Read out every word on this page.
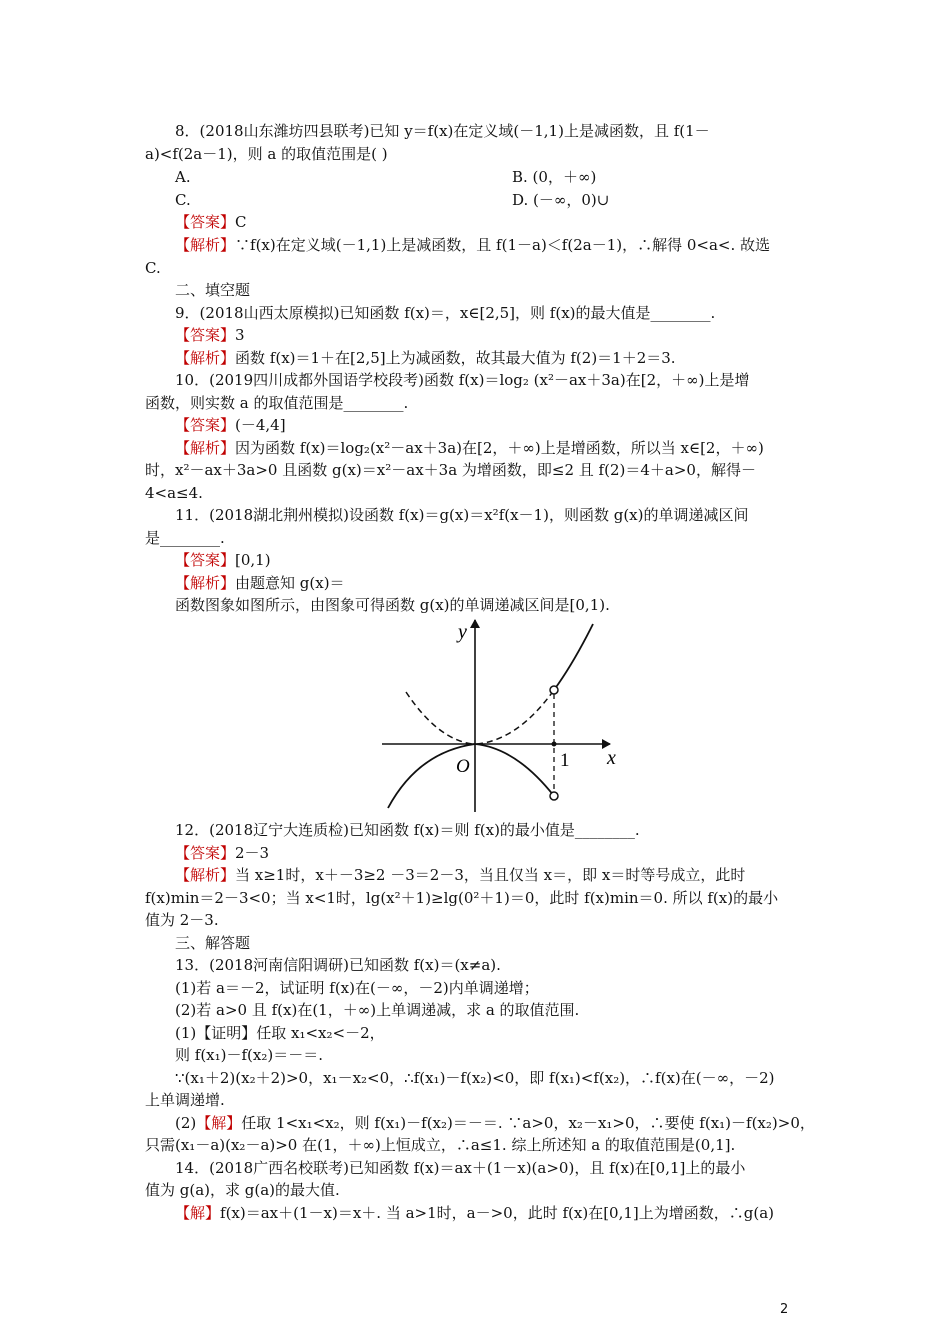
8．(2018山东潍坊四县联考)已知 y＝f(x)在定义域(－1,1)上是减函数，且 f(1－
a)<f(2a－1)，则 a 的取值范围是( )
A.	B. (0，＋∞)
C.	D. (－∞，0)∪
【答案】C
【解析】∵f(x)在定义域(－1,1)上是减函数，且 f(1－a)＜f(2a－1)，∴解得 0<a<. 故选
C.
二、填空题
9．(2018山西太原模拟)已知函数 f(x)＝，x∈[2,5]，则 f(x)的最大值是________.
【答案】3
【解析】函数 f(x)＝1＋在[2,5]上为减函数，故其最大值为 f(2)＝1＋2＝3.
10．(2019四川成都外国语学校段考)函数 f(x)＝log₂ (x²－ax＋3a)在[2，＋∞)上是增
函数，则实数 a 的取值范围是________.
【答案】(－4,4]
【解析】因为函数 f(x)＝log₂(x²－ax＋3a)在[2，＋∞)上是增函数，所以当 x∈[2，＋∞)
时，x²－ax＋3a>0 且函数 g(x)＝x²－ax＋3a 为增函数，即≤2 且 f(2)＝4＋a>0，解得－
4<a≤4.
11．(2018湖北荆州模拟)设函数 f(x)＝g(x)＝x²f(x－1)，则函数 g(x)的单调递减区间
是________.
【答案】[0,1)
【解析】由题意知 g(x)＝
函数图象如图所示，由图象可得函数 g(x)的单调递减区间是[0,1).
y
x
O	1
12．(2018辽宁大连质检)已知函数 f(x)＝则 f(x)的最小值是________.
【答案】2－3
【解析】当 x≥1时，x＋－3≥2 －3＝2－3，当且仅当 x＝，即 x＝时等号成立，此时
f(x)min＝2－3<0；当 x<1时，lg(x²＋1)≥lg(0²＋1)＝0，此时 f(x)min＝0. 所以 f(x)的最小
值为 2－3.
三、解答题
13．(2018河南信阳调研)已知函数 f(x)＝(x≠a).
(1)若 a＝－2，试证明 f(x)在(－∞，－2)内单调递增；
(2)若 a>0 且 f(x)在(1，＋∞)上单调递减，求 a 的取值范围.
(1)【证明】任取 x₁<x₂<－2，
则 f(x₁)－f(x₂)＝－＝.
∵(x₁＋2)(x₂＋2)>0，x₁－x₂<0，∴f(x₁)－f(x₂)<0，即 f(x₁)<f(x₂)，∴f(x)在(－∞，－2)
上单调递增.
(2)【解】任取 1<x₁<x₂，则 f(x₁)－f(x₂)＝－＝. ∵a>0，x₂－x₁>0，∴要使 f(x₁)－f(x₂)>0，
只需(x₁－a)(x₂－a)>0 在(1，＋∞)上恒成立，∴a≤1. 综上所述知 a 的取值范围是(0,1].
14．(2018广西名校联考)已知函数 f(x)＝ax＋(1－x)(a>0)，且 f(x)在[0,1]上的最小
值为 g(a)，求 g(a)的最大值.
【解】f(x)＝ax＋(1－x)＝x＋. 当 a>1时，a－>0，此时 f(x)在[0,1]上为增函数，∴g(a)
2
